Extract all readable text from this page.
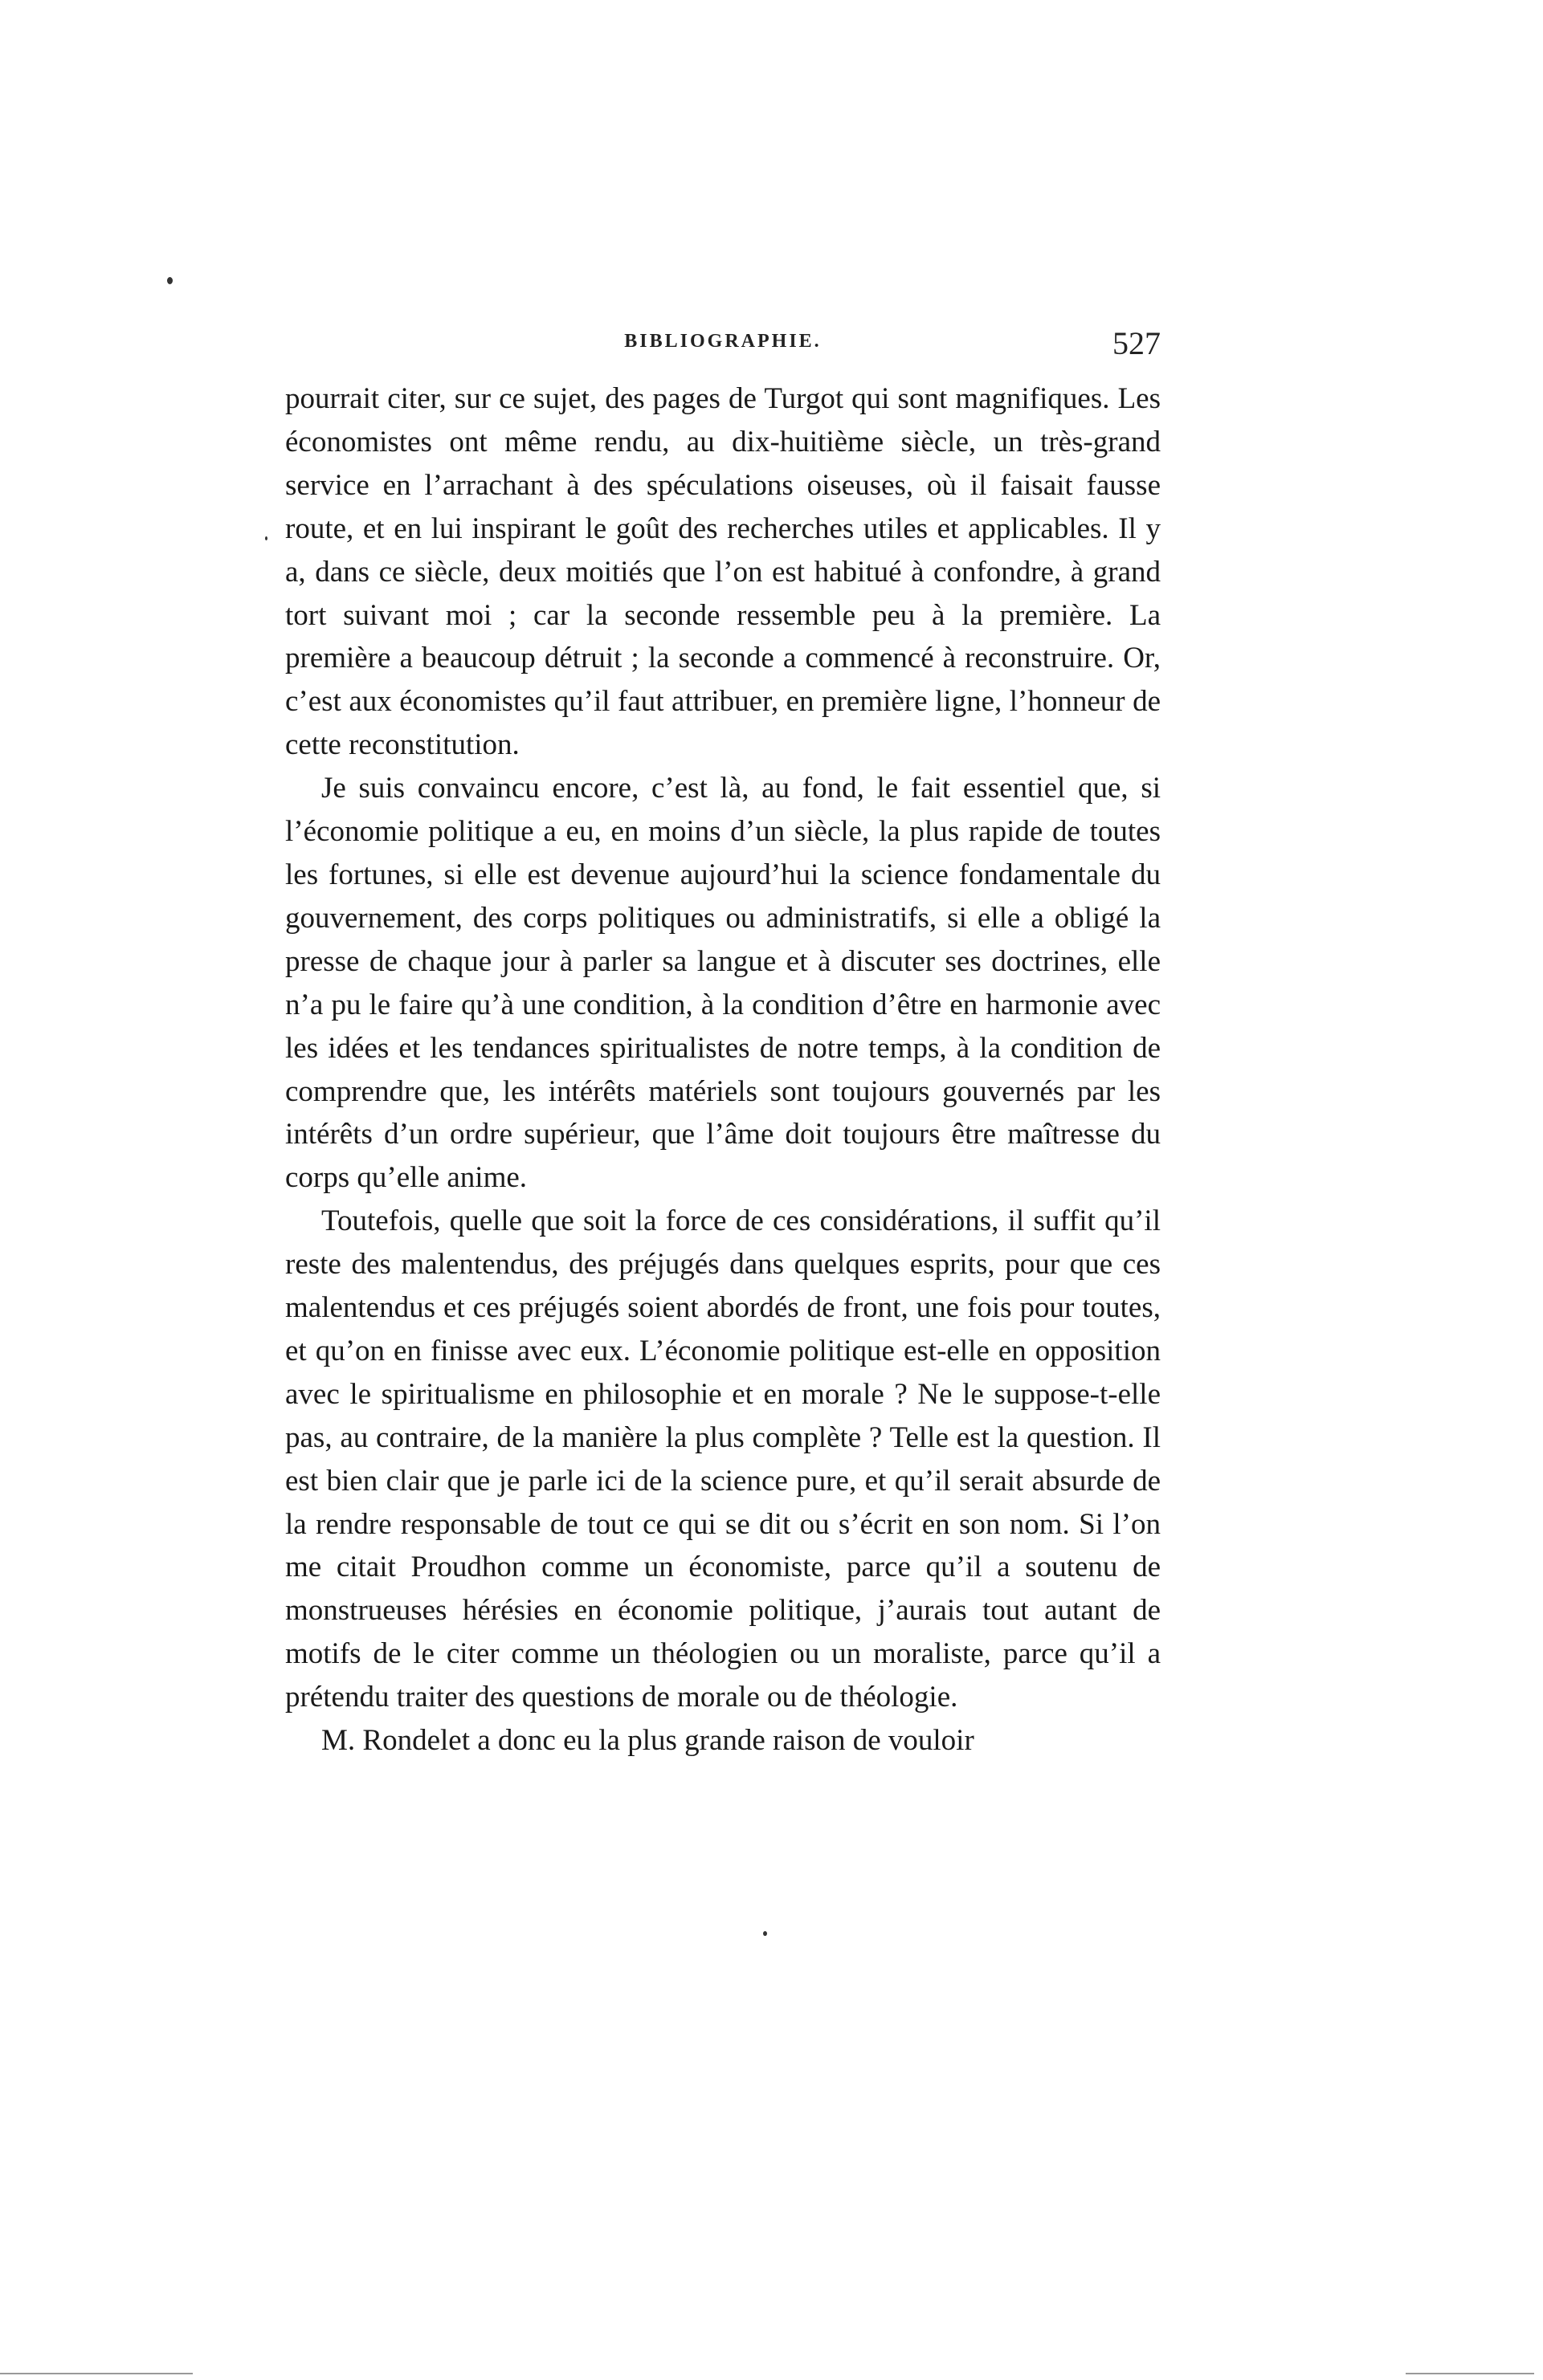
BIBLIOGRAPHIE.	527

pourrait citer, sur ce sujet, des pages de Turgot qui sont magnifiques. Les économistes ont même rendu, au dix-huitième siècle, un très-grand service en l’arrachant à des spéculations oiseuses, où il faisait fausse route, et en lui inspirant le goût des recherches utiles et applicables. Il y a, dans ce siècle, deux moitiés que l’on est habitué à confondre, à grand tort suivant moi ; car la seconde ressemble peu à la première. La première a beaucoup détruit ; la seconde a commencé à reconstruire. Or, c’est aux économistes qu’il faut attribuer, en première ligne, l’honneur de cette reconstitution.

Je suis convaincu encore, c’est là, au fond, le fait essentiel que, si l’économie politique a eu, en moins d’un siècle, la plus rapide de toutes les fortunes, si elle est devenue aujourd’hui la science fondamentale du gouvernement, des corps politiques ou administratifs, si elle a obligé la presse de chaque jour à parler sa langue et à discuter ses doctrines, elle n’a pu le faire qu’à une condition, à la condition d’être en harmonie avec les idées et les tendances spiritualistes de notre temps, à la condition de comprendre que, les intérêts matériels sont toujours gouvernés par les intérêts d’un ordre supérieur, que l’âme doit toujours être maîtresse du corps qu’elle anime.

Toutefois, quelle que soit la force de ces considérations, il suffit qu’il reste des malentendus, des préjugés dans quelques esprits, pour que ces malentendus et ces préjugés soient abordés de front, une fois pour toutes, et qu’on en finisse avec eux. L’économie politique est-elle en opposition avec le spiritualisme en philosophie et en morale ? Ne le suppose-t-elle pas, au contraire, de la manière la plus complète ? Telle est la question. Il est bien clair que je parle ici de la science pure, et qu’il serait absurde de la rendre responsable de tout ce qui se dit ou s’écrit en son nom. Si l’on me citait Proudhon comme un économiste, parce qu’il a soutenu de monstrueuses hérésies en économie politique, j’aurais tout autant de motifs de le citer comme un théologien ou un moraliste, parce qu’il a prétendu traiter des questions de morale ou de théologie.

M. Rondelet a donc eu la plus grande raison de vouloir
